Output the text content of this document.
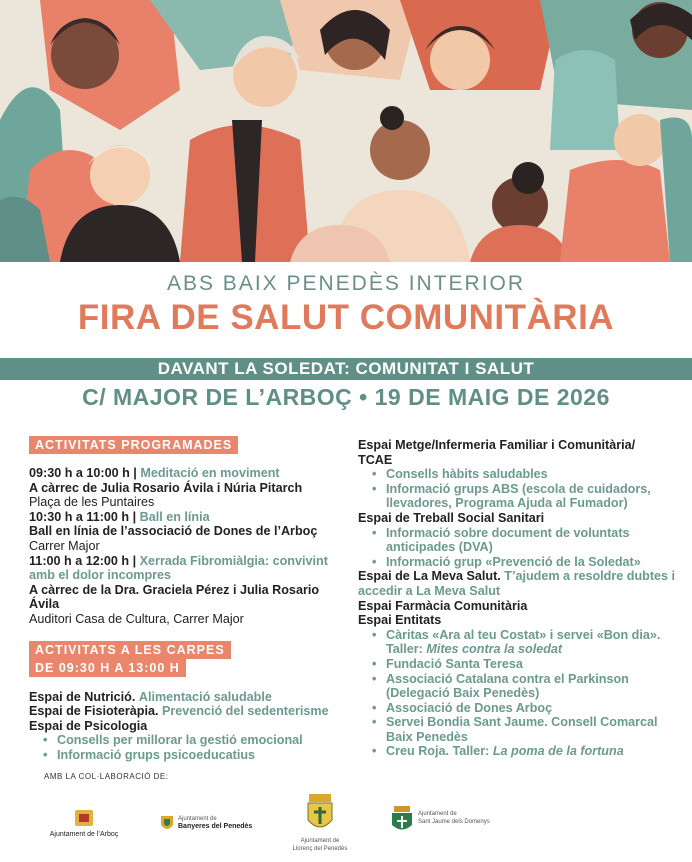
ABS BAIX PENEDÈS INTERIOR
FIRA DE SALUT COMUNITÀRIA
DAVANT LA SOLEDAT: COMUNITAT I SALUT
C/ MAJOR DE L’ARBOÇ • 19 DE MAIG DE 2026
ACTIVITATS PROGRAMADES
09:30 h a 10:00 h | Meditació en moviment
A càrrec de Julia Rosario Ávila i Núria Pitarch
Plaça de les Puntaires
10:30 h a 11:00 h | Ball en línia
Ball en línia de l’associació de Dones de l’Arboç
Carrer Major
11:00 h a 12:00 h | Xerrada Fibromiàlgia: convivint
amb el dolor incompres
A càrrec de la Dra. Graciela Pérez i Julia Rosario
Ávila
Auditori Casa de Cultura, Carrer Major
ACTIVITATS A LES CARPES
DE 09:30 H A 13:00 H
Espai de Nutrició. Alimentació saludable
Espai de Fisioteràpia. Prevenció del sedenterisme
Espai de Psicologia
• Consells per millorar la gestió emocional
• Informació grups psicoeducatius
Espai Metge/Infermeria Familiar i Comunitària/
TCAE
• Consells hàbits saludables
• Informació grups ABS (escola de cuidadors,
llevadores, Programa Ajuda al Fumador)
Espai de Treball Social Sanitari
• Informació sobre document de voluntats
anticipades (DVA)
• Informació grup «Prevenció de la Soledat»
Espai de La Meva Salut. T’ajudem a resoldre dubtes i
accedir a La Meva Salut
Espai Farmàcia Comunitària
Espai Entitats
• Càritas «Ara al teu Costat» i servei «Bon dia».
Taller: Mites contra la soledat
• Fundació Santa Teresa
• Associació Catalana contra el Parkinson
(Delegació Baix Penedès)
• Associació de Dones Arboç
• Servei Bondia Sant Jaume. Consell Comarcal
Baix Penedès
• Creu Roja. Taller: La poma de la fortuna
AMB LA COL·LABORACIÓ DE:
Ajuntament de l’Arboç
Ajuntament de
Banyeres del Penedès
Ajuntament de
Llorenç del Penedès
Ajuntament de
Sant Jaume dels Domenys
